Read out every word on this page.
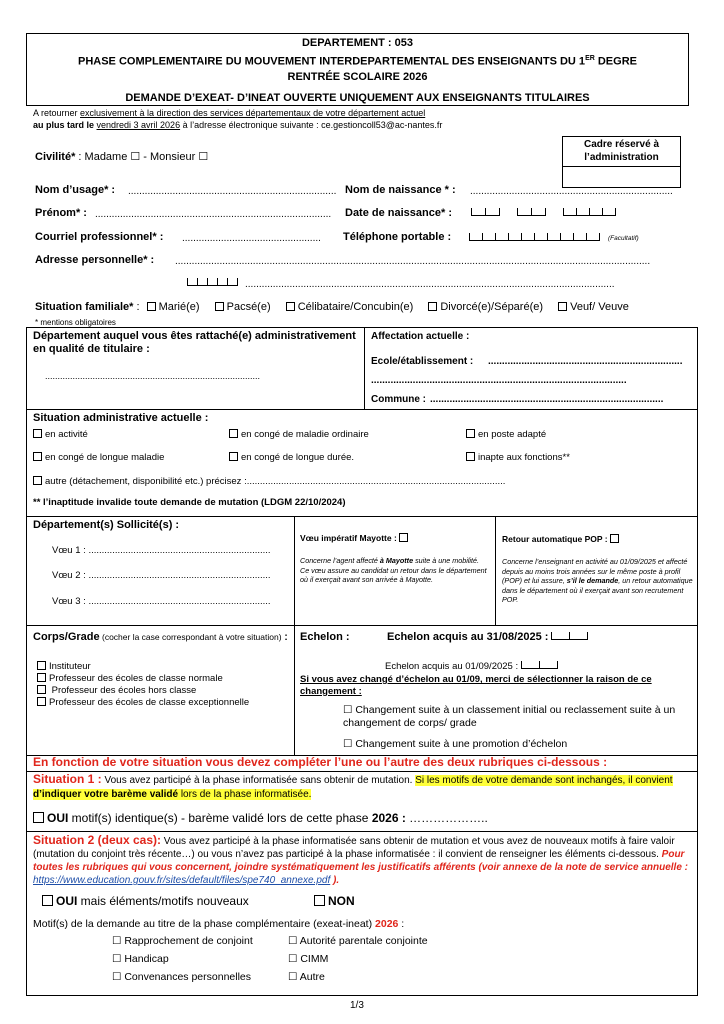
DEPARTEMENT : 053
PHASE COMPLEMENTAIRE DU MOUVEMENT INTERDEPARTEMENTAL DES ENSEIGNANTS DU 1ER DEGRE
RENTRÉE SCOLAIRE 2026
DEMANDE D’EXEAT- D’INEAT OUVERTE UNIQUEMENT AUX ENSEIGNANTS TITULAIRES
A retourner exclusivement à la direction des services départementaux de votre département actuel
au plus tard le vendredi 3 avril 2026 à l’adresse électronique suivante : ce.gestioncoll53@ac-nantes.fr
Cadre réservé à l’administration
Civilité* : Madame ☐ - Monsieur ☐
Nom d’usage* : ........................................................................... Nom de naissance * : .........................................................................
Prénom* : ..................................................................................... Date de naissance* :

Courriel professionnel* : .................................................. Téléphone portable :	(Facultatif)
Adresse personnelle* : ...........................................................................................................................................................................
.....................................................................................................................................
Situation familiale* : Marié(e) Pacsé(e) Célibataire/Concubin(e) Divorcé(e)/Séparé(e) Veuf/ Veuve
* mentions obligatoires
Département auquel vous êtes rattaché(e) administrativement en qualité de titulaire :
......................................................................................
Affectation actuelle :
Ecole/établissement : ......................................................................
............................................................................................
Commune : ....................................................................................
Situation administrative actuelle :
en activité	en congé de maladie ordinaire	en poste adapté
en congé de longue maladie	en congé de longue durée.	inapte aux fonctions**
autre (détachement, disponibilité etc.) précisez :..................................................................................................
** l’inaptitude invalide toute demande de mutation (LDGM 22/10/2024)
Département(s) Sollicité(s) :
Vœu 1 : .....................................................................
Vœu 2 : .....................................................................
Vœu 3 : .....................................................................
Vœu impératif Mayotte :
Concerne l’agent affecté à Mayotte suite à une mobilité. Ce vœu assure au candidat un retour dans le département où il exerçait avant son arrivée à Mayotte.
Retour automatique POP :
Concerne l’enseignant en activité au 01/09/2025 et affecté depuis au moins trois années sur le même poste à profil (POP) et lui assure, s’il le demande, un retour automatique dans le département où il exerçait avant son recrutement POP.
Corps/Grade (cocher la case correspondant à votre situation) :
Instituteur
Professeur des écoles de classe normale
Professeur des écoles hors classe
Professeur des écoles de classe exceptionnelle
Echelon :	Echelon acquis au 31/08/2025 :
Echelon acquis au 01/09/2025 :
Si vous avez changé d’échelon au 01/09, merci de sélectionner la raison de ce changement :
☐ Changement suite à un classement initial ou reclassement suite à un changement de corps/ grade
☐ Changement suite à une promotion d’échelon
En fonction de votre situation vous devez compléter l’une ou l’autre des deux rubriques ci-dessous :
Situation 1 : Vous avez participé à la phase informatisée sans obtenir de mutation. Si les motifs de votre demande sont inchangés, il convient d’indiquer votre barème validé lors de la phase informatisée.
OUI motif(s) identique(s) - barème validé lors de cette phase 2026 : ………………..
Situation 2 (deux cas): Vous avez participé à la phase informatisée sans obtenir de mutation et vous avez de nouveaux motifs à faire valoir (mutation du conjoint très récente…) ou vous n’avez pas participé à la phase informatisée : il convient de renseigner les éléments ci-dessous. Pour toutes les rubriques qui vous concernent, joindre systématiquement les justificatifs afférents (voir annexe de la note de service annuelle : https://www.education.gouv.fr/sites/default/files/spe740_annexe.pdf ).
OUI mais éléments/motifs nouveaux	NON
Motif(s) de la demande au titre de la phase complémentaire (exeat-ineat) 2026 :
☐ Rapprochement de conjoint	☐ Autorité parentale conjointe
☐ Handicap	☐ CIMM
☐ Convenances personnelles	☐ Autre
1/3
